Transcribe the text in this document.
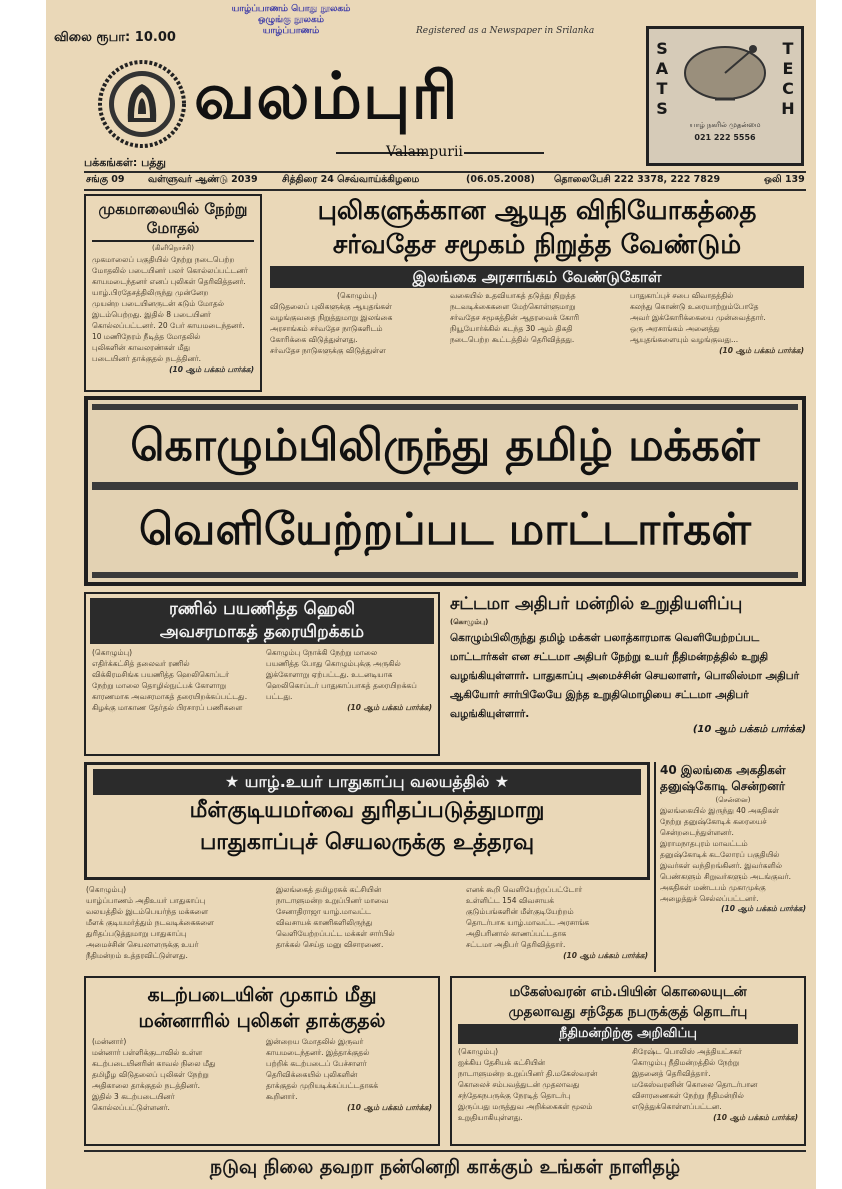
விலை ரூபா: 10.00
யாழ்ப்பாணம் பொது நூலகம்
ஒழுங்கு நூலகம்
யாழ்ப்பாணம்	Registered as a Newspaper in Srilanka
வலம்புரி
Valampurii
பக்கங்கள்: பத்து
SATS
TECH
யாழ் நகரில் முதன்மை
021 222 5556
சங்கு 09 வள்ளுவர் ஆண்டு 2039	சித்திரை 24 செவ்வாய்க்கிழமை	(06.05.2008) தொலைபேசி 222 3378, 222 7829	ஒலி 139
முகமாலையில் நேற்று மோதல்
(கிளிநொச்சி)
முகமாலைப் பகுதியில் நேற்று நடைபெற்ற
மோதலில் படையினர் பலர் கொல்லப்பட்டனர்
காயமடைந்தனர் எனப் புலிகள் தெரிவித்தனர்.
யாழ்.பிரதேசத்திலிருந்து முன்னேற
முயன்ற படையினருடன் கடும் மோதல்
இடம்பெற்றது. இதில் 8 படையினர்
கொல்லப்பட்டனர். 20 பேர் காயமடைந்தனர்.
10 மணிநேரம் நீடித்த மோதலில்
புலிகளின் காவலரண்கள் மீது
படையினர் தாக்குதல் நடத்தினர்.
(10 ஆம் பக்கம் பார்க்க)
புலிகளுக்கான ஆயுத விநியோகத்தை
சர்வதேச சமூகம் நிறுத்த வேண்டும்
இலங்கை அரசாங்கம் வேண்டுகோள்
(கொழும்பு)
விடுதலைப் புலிகளுக்கு ஆயுதங்கள்
வழங்குவதை நிறுத்துமாறு இலங்கை
அரசாங்கம் சர்வதேச நாடுகளிடம்
கோரிக்கை விடுத்துள்ளது.
சர்வதேச நாடுகளுக்கு விடுத்துள்ள
வகையில் உதவியாகத் தடுத்து நிறுத்த
நடவடிக்கைகளை மேற்கொள்ளுமாறு
சர்வதேச சமூகத்தின் ஆதரவைக் கோரி
நியூயோர்க்கில் கடந்த 30 ஆம் திகதி
நடைபெற்ற கூட்டத்தில் தெரிவித்தது.
பாதுகாப்புச் சபை விவாதத்தில்
கலந்து கொண்டு உரையாற்றும்போதே
அவர் இக்கோரிக்கையை முன்வைத்தார்.
ஒரு அரசாங்கம் அனைத்து
ஆயுதங்களையும் வழங்குவது...
(10 ஆம் பக்கம் பார்க்க)
கொழும்பிலிருந்து தமிழ் மக்கள்
வெளியேற்றப்பட மாட்டார்கள்
ரணில் பயணித்த ஹெலி
அவசரமாகத் தரையிறக்கம்
(கொழும்பு)
எதிர்க்கட்சித் தலைவர் ரணில்
விக்கிரமசிங்க பயணித்த ஹெலிகொப்டர்
நேற்று மாலை தொழில்நுட்பக் கோளாறு
காரணமாக அவசரமாகத் தரையிறக்கப்பட்டது.
கிழக்கு மாகாண தேர்தல் பிரசாரப் பணிகளை
கொழும்பு நோக்கி நேற்று மாலை
பயணித்த போது கொழும்புக்கு அருகில்
இக்கோளாறு ஏற்பட்டது. உடனடியாக
ஹெலிகொப்டர் பாதுகாப்பாகத் தரையிறக்கப்
பட்டது.
(10 ஆம் பக்கம் பார்க்க)
சட்டமா அதிபர் மன்றில் உறுதியளிப்பு
(கொழும்பு)
கொழும்பிலிருந்து தமிழ் மக்கள் பலாத்காரமாக வெளியேற்றப்பட மாட்டார்கள் என சட்டமா அதிபர் நேற்று உயர் நீதிமன்றத்தில் உறுதி வழங்கியுள்ளார். பாதுகாப்பு அமைச்சின் செயலாளர், பொலிஸ்மா அதிபர் ஆகியோர் சார்பிலேயே இந்த உறுதிமொழியை சட்டமா அதிபர் வழங்கியுள்ளார்.
(10 ஆம் பக்கம் பார்க்க)
★ யாழ்.உயர் பாதுகாப்பு வலயத்தில் ★
மீள்குடியமர்வை துரிதப்படுத்துமாறு
பாதுகாப்புச் செயலருக்கு உத்தரவு
(கொழும்பு)
யாழ்ப்பாணம் அதிஉயர் பாதுகாப்பு
வலயத்தில் இடம்பெயர்ந்த மக்களை
மீளக் குடியமர்த்தும் நடவடிக்கைகளை
துரிதப்படுத்துமாறு பாதுகாப்பு
அமைச்சின் செயலாளருக்கு உயர்
நீதிமன்றம் உத்தரவிட்டுள்ளது.
இலங்கைத் தமிழரசுக் கட்சியின்
நாடாளுமன்ற உறுப்பினர் மாவை
சேனாதிராஜா யாழ்.மாவட்ட
விவசாயக் காணிகளிலிருந்து
வெளியேற்றப்பட்ட மக்கள் சார்பில்
தாக்கல் செய்த மனு விசாரணை.
எனக் கூறி வெளியேற்றப்பட்டோர்
உள்ளிட்ட 154 விவசாயக்
குடும்பங்களின் மீள்குடியேற்றம்
தொடர்பாக யாழ்.மாவட்ட அரசாங்க
அதிபரினால் காணப்பட்டதாக
சட்டமா அதிபர் தெரிவித்தார்.
(10 ஆம் பக்கம் பார்க்க)
40 இலங்கை அகதிகள்
தனுஷ்கோடி சென்றனர்
(சென்னை)
இலங்கையில் இருந்து 40 அகதிகள்
நேற்று தனுஷ்கோடிக் கரையைச்
சென்றடைந்துள்ளனர்.
இராமநாதபுரம் மாவட்டம்
தனுஷ்கோடிக் கடலோரப் பகுதியில்
இவர்கள் வந்திறங்கினர். இவர்களில்
பெண்களும் சிறுவர்களும் அடங்குவர்.
அகதிகள் மண்டபம் முகாமுக்கு
அழைத்துச் செல்லப்பட்டனர்.
(10 ஆம் பக்கம் பார்க்க)
கடற்படையின் முகாம் மீது
மன்னாரில் புலிகள் தாக்குதல்
(மன்னார்)
மன்னார் பள்ளிக்குடாவில் உள்ள
கடற்படையினரின் காவல் நிலை மீது
தமிழீழ விடுதலைப் புலிகள் நேற்று
அதிகாலை தாக்குதல் நடத்தினர்.
இதில் 3 கடற்படையினர்
கொல்லப்பட்டுள்ளனர்.
இன்றைய மோதலில் இருவர்
காயமடைந்தனர். இத்தாக்குதல்
பற்றிக் கடற்படைப் பேச்சாளர்
தெரிவிக்கையில் புலிகளின்
தாக்குதல் முறியடிக்கப்பட்டதாகக்
கூறினார்.
(10 ஆம் பக்கம் பார்க்க)
மகேஸ்வரன் எம்.பியின் கொலையுடன்
முதலாவது சந்தேக நபருக்குத் தொடர்பு
நீதிமன்றிற்கு அறிவிப்பு
(கொழும்பு)
ஐக்கிய தேசியக் கட்சியின்
நாடாளுமன்ற உறுப்பினர் தி.மகேஸ்வரன்
கொலைச் சம்பவத்துடன் முதலாவது
சந்தேகநபருக்கு நேரடித் தொடர்பு
இருப்பது மருத்துவ அறிக்கைகள் மூலம்
உறுதியாகியுள்ளது.
சிரேஷ்ட பொலிஸ் அத்தியட்சகர்
கொழும்பு நீதிமன்றத்தில் நேற்று
இதனைத் தெரிவித்தார்.
மகேஸ்வரனின் கொலை தொடர்பான
விசாரணைகள் நேற்று நீதிமன்றில்
எடுத்துக்கொள்ளப்பட்டன.
(10 ஆம் பக்கம் பார்க்க)
நடுவு நிலை தவறா நன்னெறி காக்கும் உங்கள் நாளிதழ்
